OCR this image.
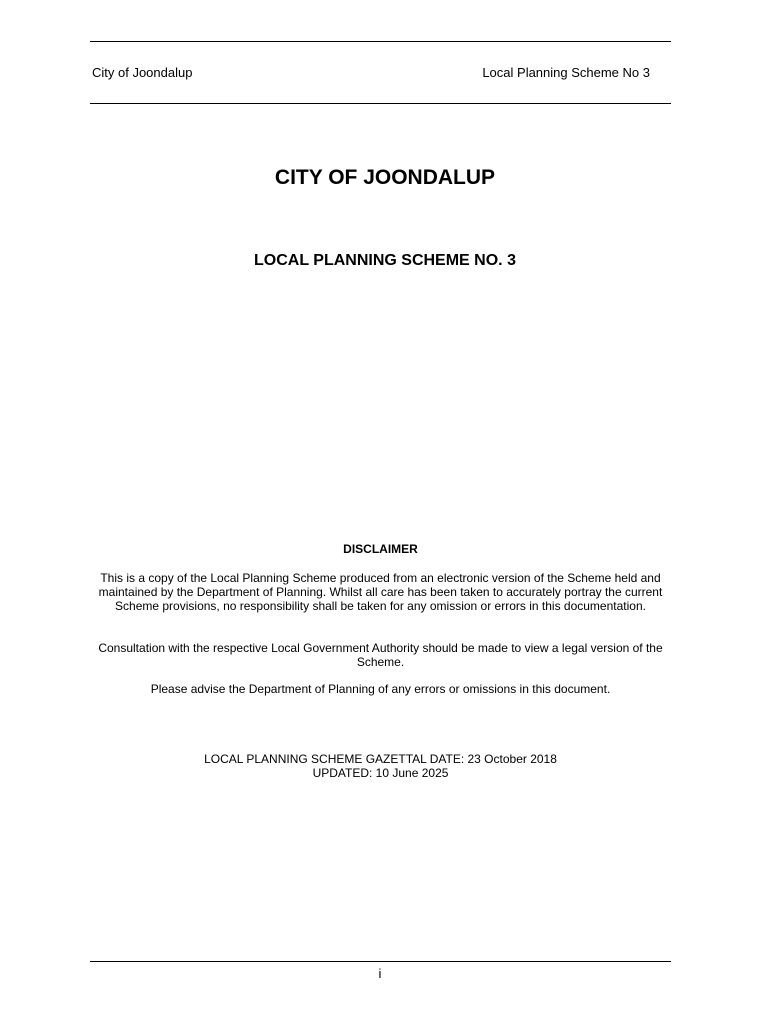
City of Joondalup	Local Planning Scheme No 3
CITY OF JOONDALUP
LOCAL PLANNING SCHEME NO. 3
DISCLAIMER
This is a copy of the Local Planning Scheme produced from an electronic version of the Scheme held and maintained by the Department of Planning. Whilst all care has been taken to accurately portray the current Scheme provisions, no responsibility shall be taken for any omission or errors in this documentation.
Consultation with the respective Local Government Authority should be made to view a legal version of the Scheme.
Please advise the Department of Planning of any errors or omissions in this document.
LOCAL PLANNING SCHEME GAZETTAL DATE: 23 October 2018
UPDATED: 10 June 2025
i
